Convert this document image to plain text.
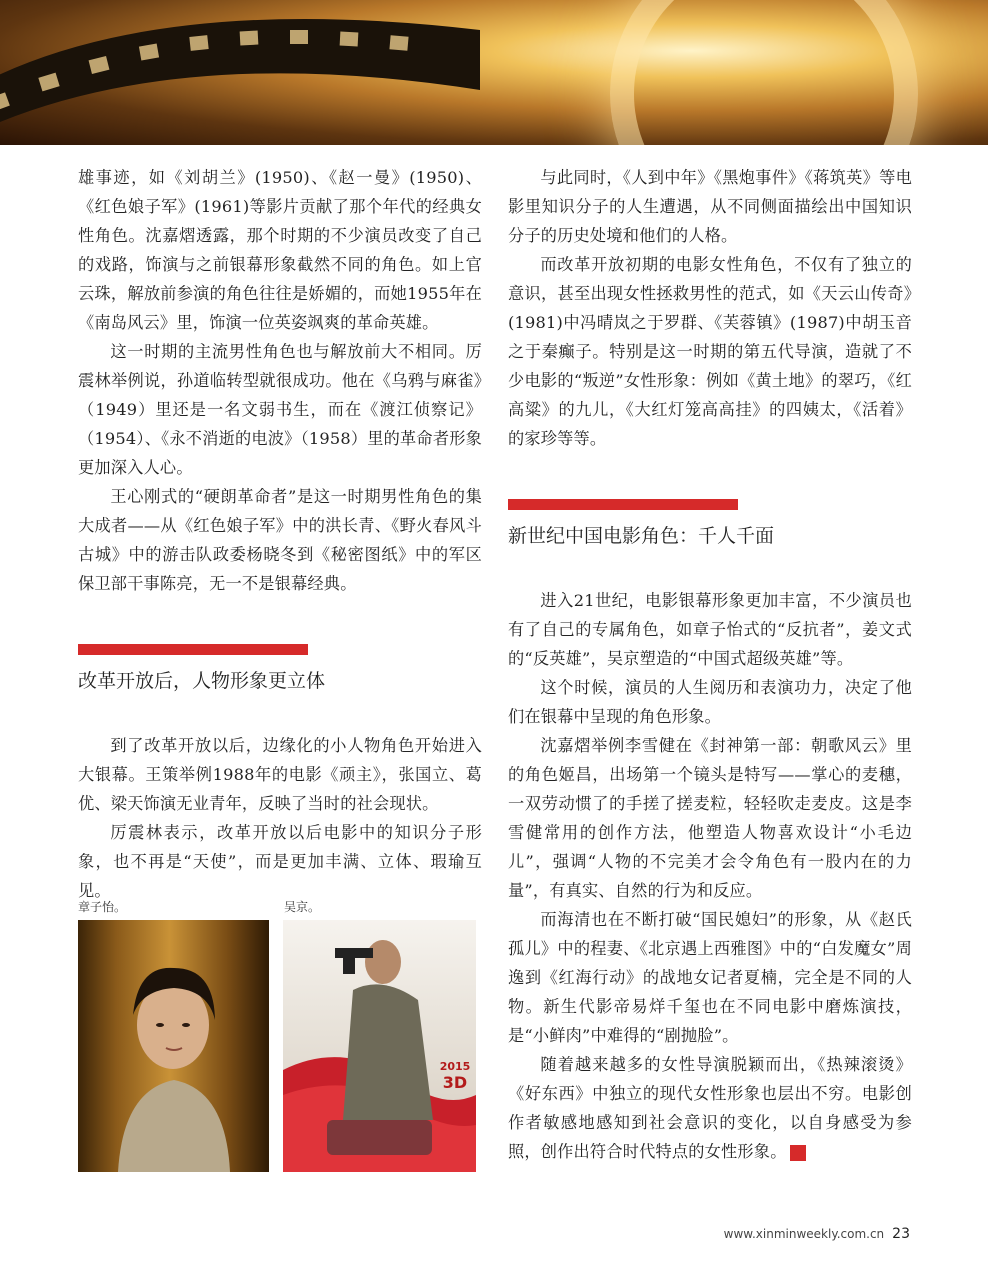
雄事迹，如《刘胡兰》(1950)、《赵一曼》(1950)、《红色娘子军》(1961)等影片贡献了那个年代的经典女性角色。沈嘉熠透露，那个时期的不少演员改变了自己的戏路，饰演与之前银幕形象截然不同的角色。如上官云珠，解放前参演的角色往往是娇媚的，而她1955年在《南岛风云》里，饰演一位英姿飒爽的革命英雄。

这一时期的主流男性角色也与解放前大不相同。厉震林举例说，孙道临转型就很成功。他在《乌鸦与麻雀》（1949）里还是一名文弱书生，而在《渡江侦察记》（1954）、《永不消逝的电波》（1958）里的革命者形象更加深入人心。

王心刚式的“硬朗革命者”是这一时期男性角色的集大成者——从《红色娘子军》中的洪长青、《野火春风斗古城》中的游击队政委杨晓冬到《秘密图纸》中的军区保卫部干事陈亮，无一不是银幕经典。

改革开放后，人物形象更立体

到了改革开放以后，边缘化的小人物角色开始进入大银幕。王策举例1988年的电影《顽主》，张国立、葛优、梁天饰演无业青年，反映了当时的社会现状。

厉震林表示，改革开放以后电影中的知识分子形象，也不再是“天使”，而是更加丰满、立体、瑕瑜互见。

章子怡。	吴京。
2015
3D

与此同时，《人到中年》《黑炮事件》《蒋筑英》等电影里知识分子的人生遭遇，从不同侧面描绘出中国知识分子的历史处境和他们的人格。

而改革开放初期的电影女性角色，不仅有了独立的意识，甚至出现女性拯救男性的范式，如《天云山传奇》(1981)中冯晴岚之于罗群、《芙蓉镇》(1987)中胡玉音之于秦癫子。特别是这一时期的第五代导演，造就了不少电影的“叛逆”女性形象：例如《黄土地》的翠巧，《红高粱》的九儿，《大红灯笼高高挂》的四姨太，《活着》的家珍等等。

新世纪中国电影角色：千人千面

进入21世纪，电影银幕形象更加丰富，不少演员也有了自己的专属角色，如章子怡式的“反抗者”，姜文式的“反英雄”，吴京塑造的“中国式超级英雄”等。

这个时候，演员的人生阅历和表演功力，决定了他们在银幕中呈现的角色形象。

沈嘉熠举例李雪健在《封神第一部：朝歌风云》里的角色姬昌，出场第一个镜头是特写——掌心的麦穗，一双劳动惯了的手搓了搓麦粒，轻轻吹走麦皮。这是李雪健常用的创作方法，他塑造人物喜欢设计“小毛边儿”，强调“人物的不完美才会令角色有一股内在的力量”，有真实、自然的行为和反应。

而海清也在不断打破“国民媳妇”的形象，从《赵氏孤儿》中的程妻、《北京遇上西雅图》中的“白发魔女”周逸到《红海行动》的战地女记者夏楠，完全是不同的人物。新生代影帝易烊千玺也在不同电影中磨炼演技，是“小鲜肉”中难得的“剧抛脸”。

随着越来越多的女性导演脱颖而出，《热辣滚烫》《好东西》中独立的现代女性形象也层出不穷。电影创作者敏感地感知到社会意识的变化，以自身感受为参照，创作出符合时代特点的女性形象。	民

www.xinminweekly.com.cn 23
